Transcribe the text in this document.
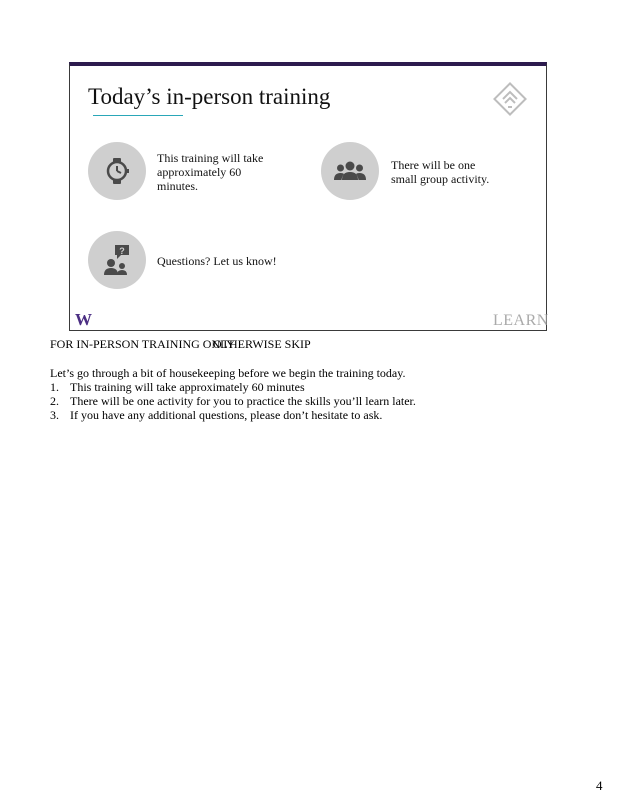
Today’s in-person training
This training will take approximately 60 minutes.
There will be one small group activity.
?
Questions? Let us know!
W	LEARN
FOR IN-PERSON TRAINING ONLY
OTHERWISE SKIP
Let’s go through a bit of housekeeping before we begin the training today.
1. This training will take approximately 60 minutes
2. There will be one activity for you to practice the skills you’ll learn later.
3. If you have any additional questions, please don’t hesitate to ask.
4
